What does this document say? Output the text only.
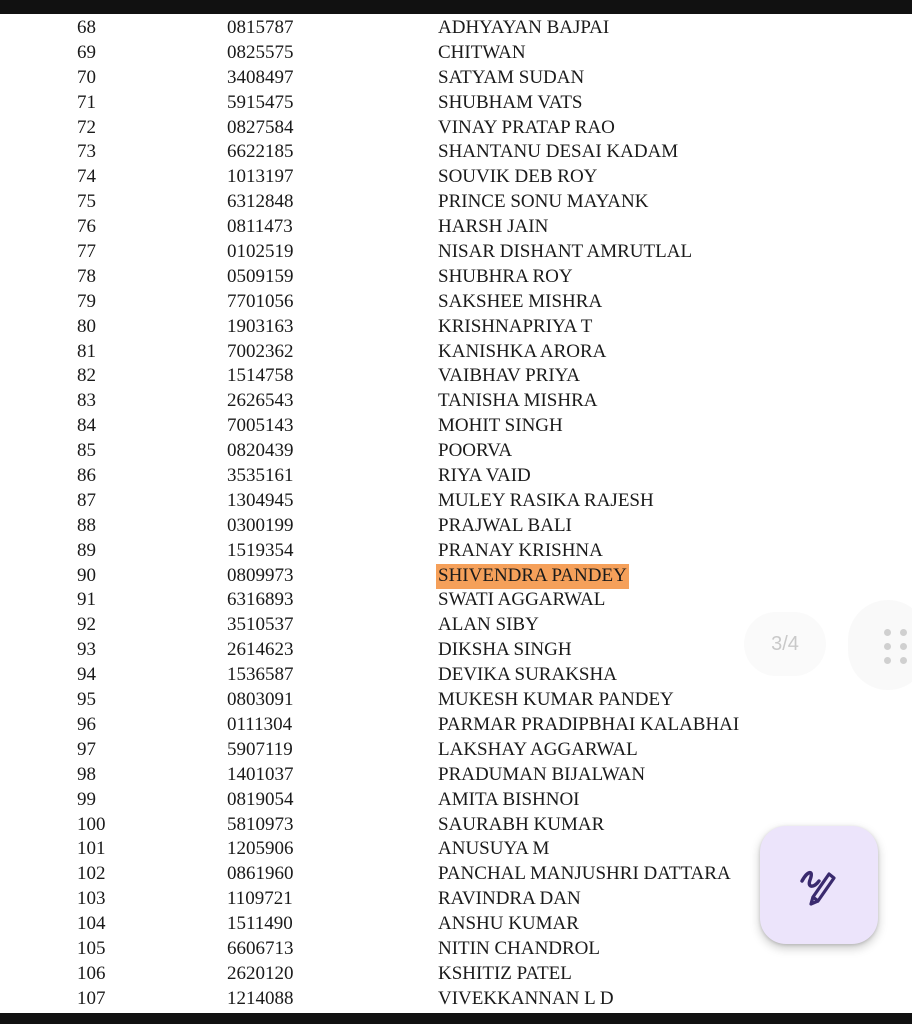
68	0815787	ADHYAYAN BAJPAI
69	0825575	CHITWAN
70	3408497	SATYAM SUDAN
71	5915475	SHUBHAM VATS
72	0827584	VINAY PRATAP RAO
73	6622185	SHANTANU DESAI KADAM
74	1013197	SOUVIK DEB ROY
75	6312848	PRINCE SONU MAYANK
76	0811473	HARSH JAIN
77	0102519	NISAR DISHANT AMRUTLAL
78	0509159	SHUBHRA ROY
79	7701056	SAKSHEE MISHRA
80	1903163	KRISHNAPRIYA T
81	7002362	KANISHKA ARORA
82	1514758	VAIBHAV PRIYA
83	2626543	TANISHA MISHRA
84	7005143	MOHIT SINGH
85	0820439	POORVA
86	3535161	RIYA VAID
87	1304945	MULEY RASIKA RAJESH
88	0300199	PRAJWAL BALI
89	1519354	PRANAY KRISHNA
90	0809973	SHIVENDRA PANDEY
91	6316893	SWATI AGGARWAL
92	3510537	ALAN SIBY
93	2614623	DIKSHA SINGH
94	1536587	DEVIKA SURAKSHA
95	0803091	MUKESH KUMAR PANDEY
96	0111304	PARMAR PRADIPBHAI KALABHAI
97	5907119	LAKSHAY AGGARWAL
98	1401037	PRADUMAN BIJALWAN
99	0819054	AMITA BISHNOI
100	5810973	SAURABH KUMAR
101	1205906	ANUSUYA M
102	0861960	PANCHAL MANJUSHRI DATTARA
103	1109721	RAVINDRA DAN
104	1511490	ANSHU KUMAR
105	6606713	NITIN CHANDROL
106	2620120	KSHITIZ PATEL
107	1214088	VIVEKKANNAN L D
3/4
